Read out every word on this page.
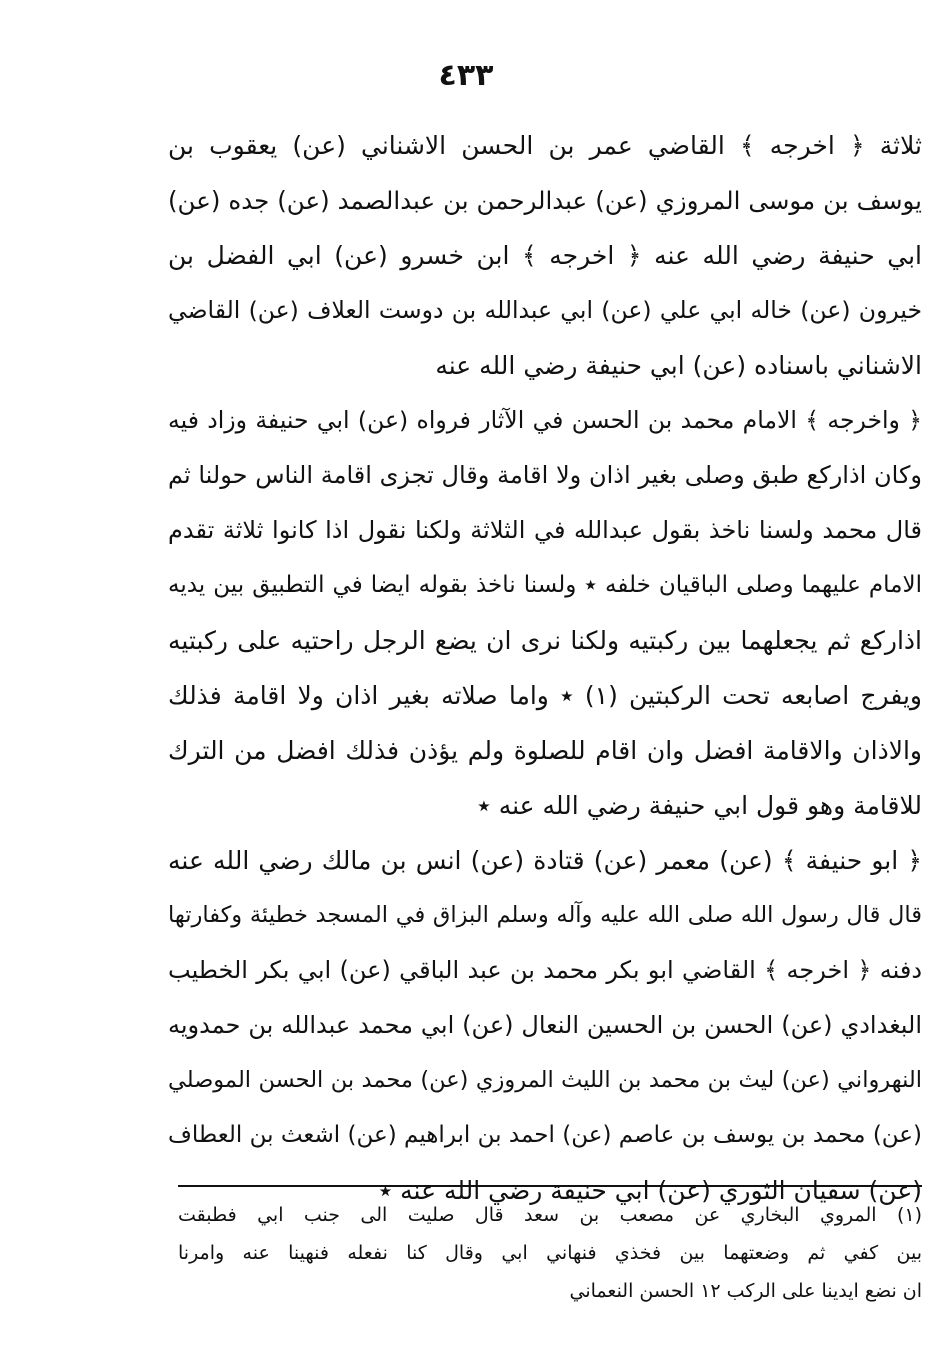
٤٣٣
ثلاثة ﴿ اخرجه ﴾ القاضي عمر بن الحسن الاشناني (عن) يعقوب بن
يوسف بن موسى المروزي (عن) عبدالرحمن بن عبدالصمد (عن) جده (عن)
ابي حنيفة رضي الله عنه ﴿ اخرجه ﴾ ابن خسرو (عن) ابي الفضل بن
خيرون (عن) خاله ابي علي (عن) ابي عبدالله بن دوست العلاف (عن) القاضي
الاشناني باسناده (عن) ابي حنيفة رضي الله عنه
﴿ واخرجه ﴾ الامام محمد بن الحسن في الآثار فرواه (عن) ابي حنيفة وزاد فيه
وكان اذاركع طبق وصلى بغير اذان ولا اقامة وقال تجزى اقامة الناس حولنا ثم
قال محمد ولسنا ناخذ بقول عبدالله في الثلاثة ولكنا نقول اذا كانوا ثلاثة تقدم
الامام عليهما وصلى الباقيان خلفه ٭ ولسنا ناخذ بقوله ايضا في التطبيق بين يديه
اذاركع ثم يجعلهما بين ركبتيه ولكنا نرى ان يضع الرجل راحتيه على ركبتيه
ويفرج اصابعه تحت الركبتين (١) ٭ واما صلاته بغير اذان ولا اقامة فذلك
والاذان والاقامة افضل وان اقام للصلوة ولم يؤذن فذلك افضل من الترك
للاقامة وهو قول ابي حنيفة رضي الله عنه ٭
﴿ ابو حنيفة ﴾ (عن) معمر (عن) قتادة (عن) انس بن مالك رضي الله عنه
قال قال رسول الله صلى الله عليه وآله وسلم البزاق في المسجد خطيئة وكفارتها
دفنه ﴿ اخرجه ﴾ القاضي ابو بكر محمد بن عبد الباقي (عن) ابي بكر الخطيب
البغدادي (عن) الحسن بن الحسين النعال (عن) ابي محمد عبدالله بن حمدويه
النهرواني (عن) ليث بن محمد بن الليث المروزي (عن) محمد بن الحسن الموصلي
(عن) محمد بن يوسف بن عاصم (عن) احمد بن ابراهيم (عن) اشعث بن العطاف
(عن) سفيان الثوري (عن) ابي حنيفة رضي الله عنه ٭
(١) المروي البخاري عن مصعب بن سعد قال صليت الى جنب ابي فطبقت
بين كفي ثم وضعتهما بين فخذي فنهاني ابي وقال كنا نفعله فنهينا عنه وامرنا
ان نضع ايدينا على الركب ١٢ الحسن النعماني
